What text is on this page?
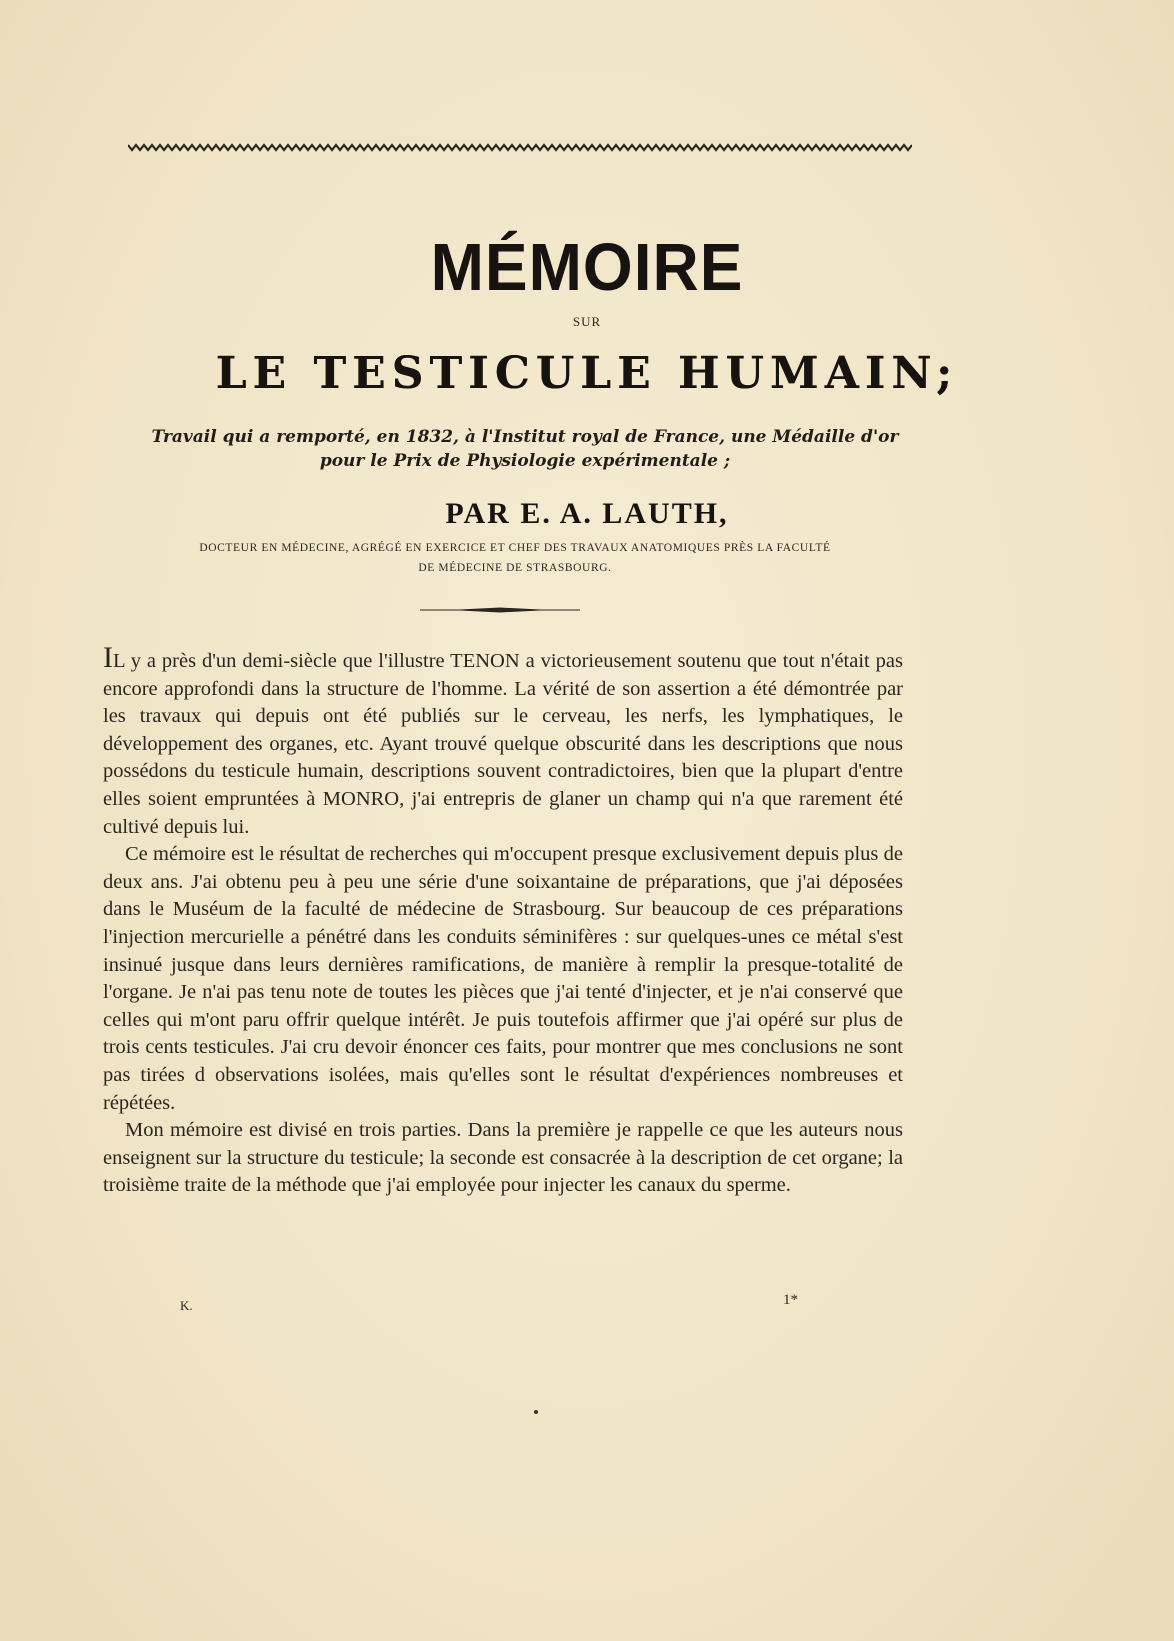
MÉMOIRE
SUR
LE TESTICULE HUMAIN;
Travail qui a remporté, en 1832, à l'Institut royal de France, une Médaille d'or
pour le Prix de Physiologie expérimentale ;
PAR E. A. LAUTH,
DOCTEUR EN MÉDECINE, AGRÉGÉ EN EXERCICE ET CHEF DES TRAVAUX ANATOMIQUES PRÈS LA FACULTÉ
DE MÉDECINE DE STRASBOURG.

IL y a près d'un demi-siècle que l'illustre TENON a victorieusement soutenu que tout n'était pas encore approfondi dans la structure de l'homme. La vérité de son assertion a été démontrée par les travaux qui depuis ont été publiés sur le cerveau, les nerfs, les lymphatiques, le développement des organes, etc. Ayant trouvé quelque obscurité dans les descriptions que nous possédons du testicule humain, descriptions souvent contradictoires, bien que la plupart d'entre elles soient empruntées à MONRO, j'ai entrepris de glaner un champ qui n'a que rarement été cultivé depuis lui.

Ce mémoire est le résultat de recherches qui m'occupent presque exclusivement depuis plus de deux ans. J'ai obtenu peu à peu une série d'une soixantaine de préparations, que j'ai déposées dans le Muséum de la faculté de médecine de Strasbourg. Sur beaucoup de ces préparations l'injection mercurielle a pénétré dans les conduits séminifères : sur quelques-unes ce métal s'est insinué jusque dans leurs dernières ramifications, de manière à remplir la presque-totalité de l'organe. Je n'ai pas tenu note de toutes les pièces que j'ai tenté d'injecter, et je n'ai conservé que celles qui m'ont paru offrir quelque intérêt. Je puis toutefois affirmer que j'ai opéré sur plus de trois cents testicules. J'ai cru devoir énoncer ces faits, pour montrer que mes conclusions ne sont pas tirées d observations isolées, mais qu'elles sont le résultat d'expériences nombreuses et répétées.

Mon mémoire est divisé en trois parties. Dans la première je rappelle ce que les auteurs nous enseignent sur la structure du testicule; la seconde est consacrée à la description de cet organe; la troisième traite de la méthode que j'ai employée pour injecter les canaux du sperme.

K.	1*
